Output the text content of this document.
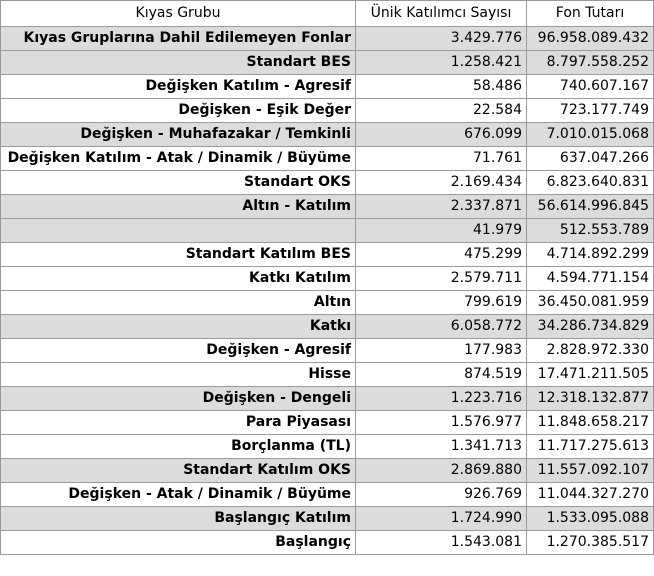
Kıyas Grubu	Ünik Katılımcı Sayısı	Fon Tutarı
Kıyas Gruplarına Dahil Edilemeyen Fonlar	3.429.776	96.958.089.432
Standart BES	1.258.421	8.797.558.252
Değişken Katılım - Agresif	58.486	740.607.167
Değişken - Eşik Değer	22.584	723.177.749
Değişken - Muhafazakar / Temkinli	676.099	7.010.015.068
Değişken Katılım - Atak / Dinamik / Büyüme	71.761	637.047.266
Standart OKS	2.169.434	6.823.640.831
Altın - Katılım	2.337.871	56.614.996.845
	41.979	512.553.789
Standart Katılım BES	475.299	4.714.892.299
Katkı Katılım	2.579.711	4.594.771.154
Altın	799.619	36.450.081.959
Katkı	6.058.772	34.286.734.829
Değişken - Agresif	177.983	2.828.972.330
Hisse	874.519	17.471.211.505
Değişken - Dengeli	1.223.716	12.318.132.877
Para Piyasası	1.576.977	11.848.658.217
Borçlanma (TL)	1.341.713	11.717.275.613
Standart Katılım OKS	2.869.880	11.557.092.107
Değişken - Atak / Dinamik / Büyüme	926.769	11.044.327.270
Başlangıç Katılım	1.724.990	1.533.095.088
Başlangıç	1.543.081	1.270.385.517
